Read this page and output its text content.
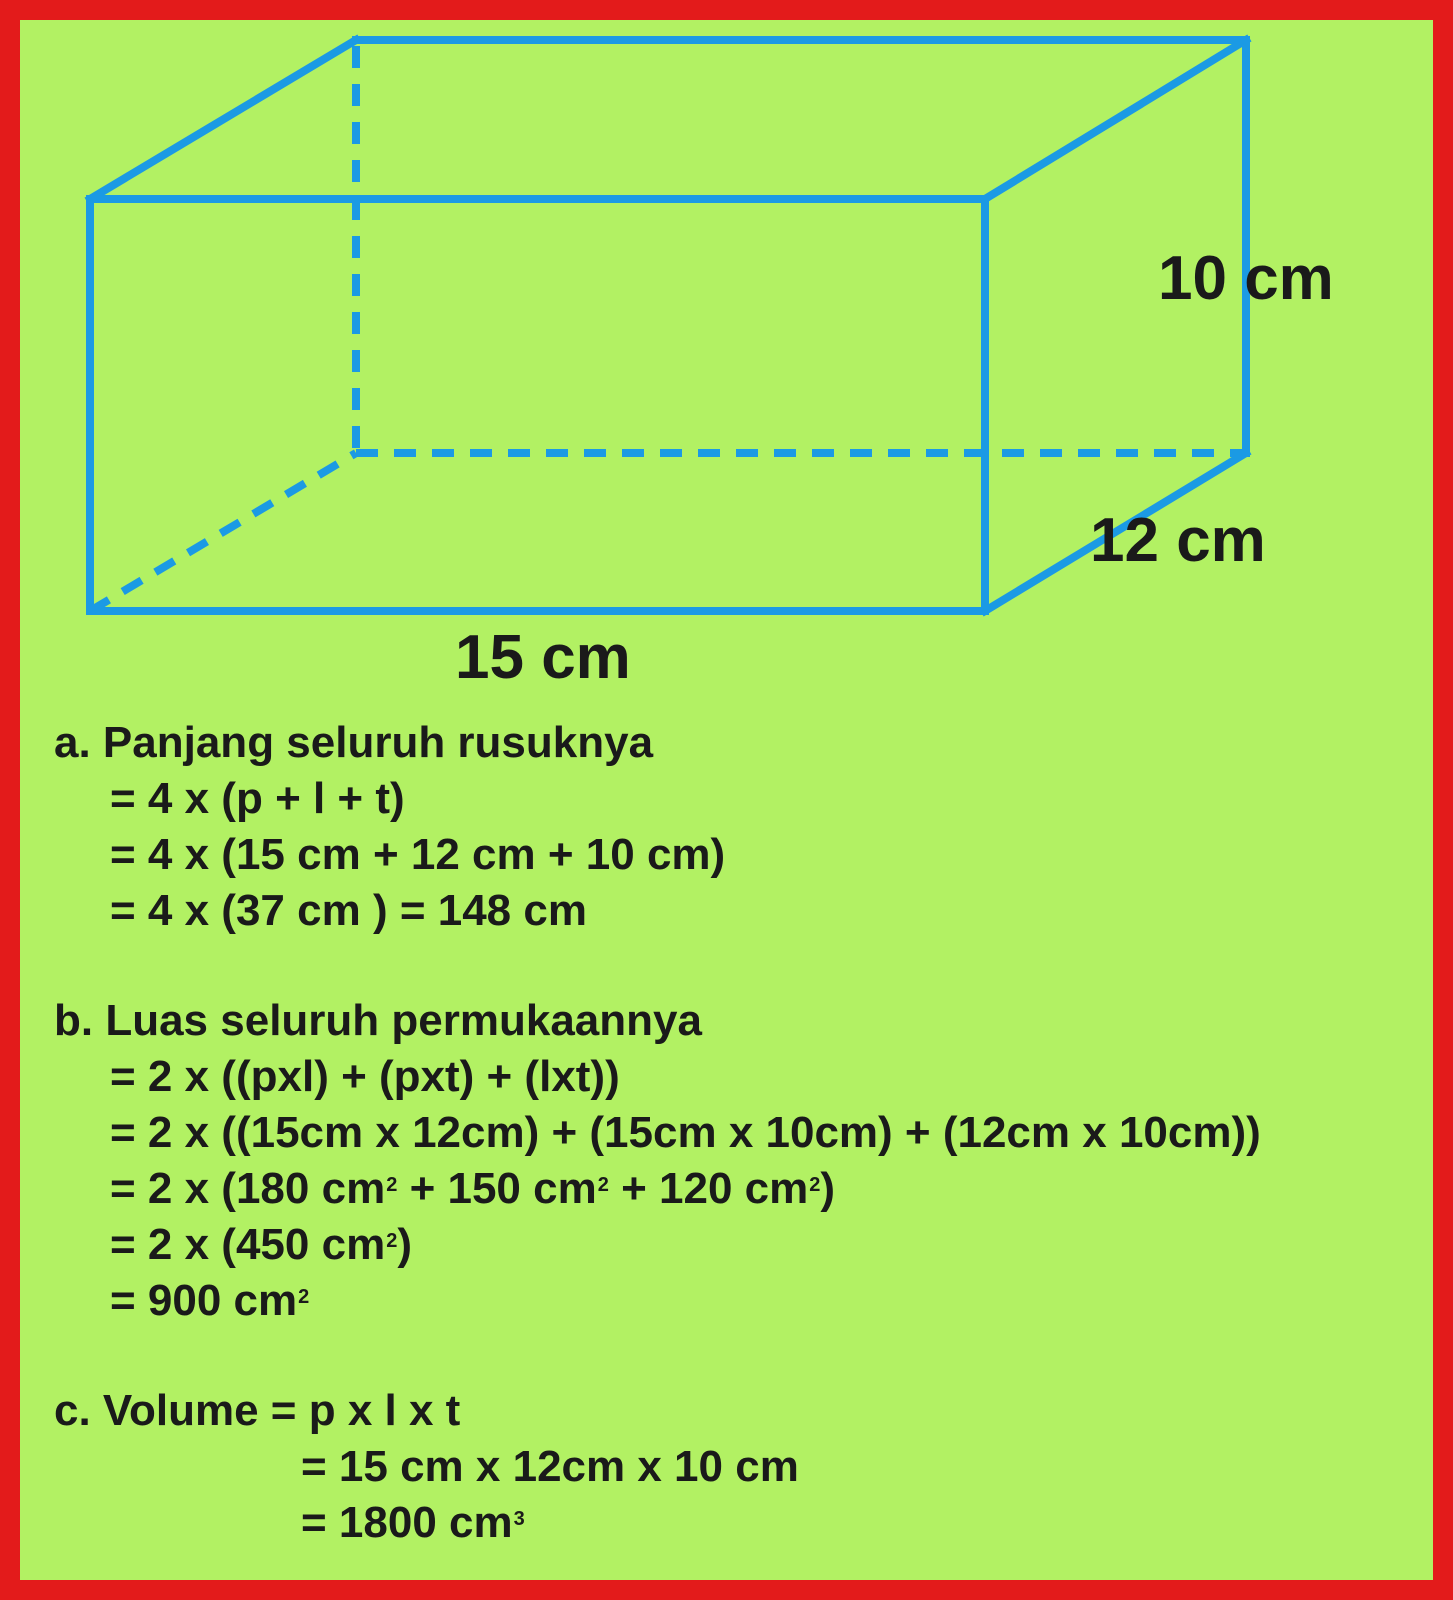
10 cm
12 cm
15 cm
a. Panjang seluruh rusuknya
= 4 x (p + l + t)
= 4 x (15 cm + 12 cm + 10 cm)
= 4 x (37 cm ) = 148 cm
b. Luas seluruh permukaannya
= 2 x ((pxl) + (pxt) + (lxt))
= 2 x ((15cm x 12cm) + (15cm x 10cm) + (12cm x 10cm))
= 2 x (180 $cm^2 + 150$ $cm^2 + 120$ $cm^2$)
= 2 x (450 $cm^2$)
= 900 $cm^2$
c. Volume = p x l x t
= 15 cm x 12cm x 10 cm
= 1800 $cm^3$
